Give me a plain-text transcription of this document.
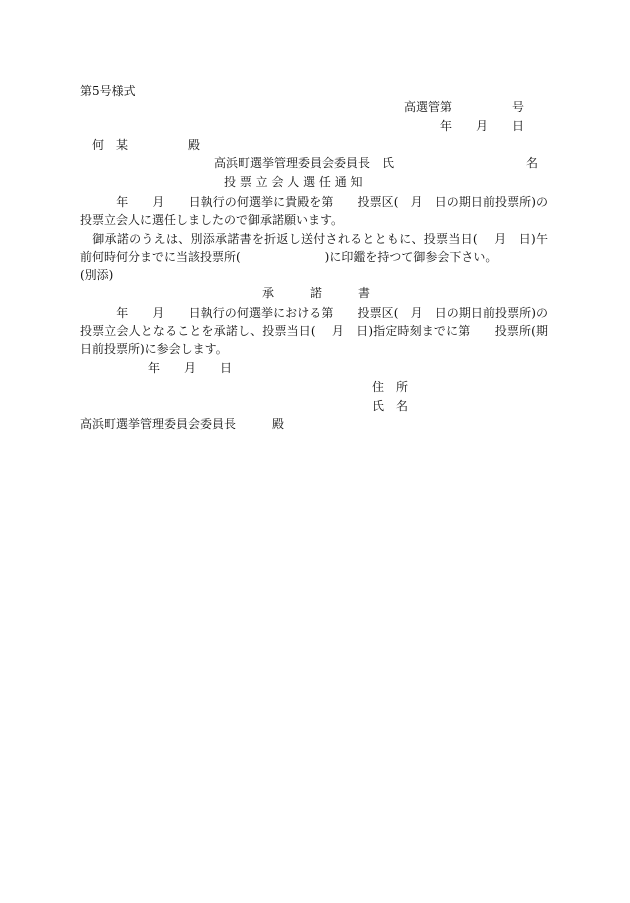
第5号様式
高選管第　　　　　号
年　　月　　日
何　某　　　　　殿
高浜町選挙管理委員会委員長　氏　　　　　　　　　　　名
投 票 立 会 人 選 任 通 知
　　　年　　月　　日執行の何選挙に貴殿を第　　投票区(　月　日の期日前投票所)の投票立会人に選任しましたので御承諾願います。
　御承諾のうえは、別添承諾書を折返し送付されるとともに、投票当日(　 月　日)午前何時何分までに当該投票所(　　　　　　　)に印鑑を持つて御参会下さい。
(別添)
承　　　諾　　　書
　　　年　　月　　日執行の何選挙における第　　投票区(　月　日の期日前投票所)の投票立会人となることを承諾し、投票当日(　 月　日)指定時刻までに第　　投票所(期日前投票所)に参会します。
年　　月　　日
住　所
氏　名
高浜町選挙管理委員会委員長　　　殿
